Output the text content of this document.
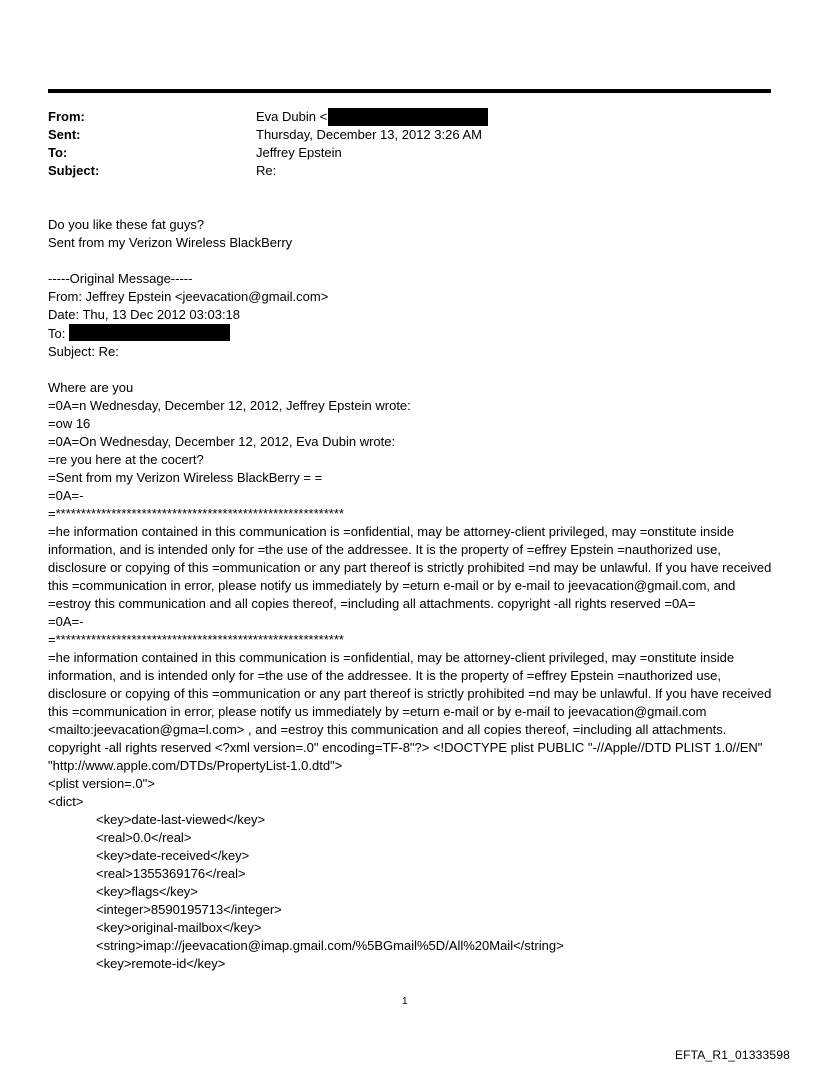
From:	Eva Dubin <
Sent:	Thursday, December 13, 2012 3:26 AM
To:	Jeffrey Epstein
Subject:	Re:

Do you like these fat guys?

Sent from my Verizon Wireless BlackBerry

-----Original Message-----

From: Jeffrey Epstein <jeevacation@gmail.com>

Date: Thu, 13 Dec 2012 03:03:18

To:

Subject: Re:

Where are you

=0A=n Wednesday, December 12, 2012, Jeffrey Epstein wrote:

=ow 16

=0A=On Wednesday, December 12, 2012, Eva Dubin wrote:

=re you here at the cocert?

=Sent from my Verizon Wireless BlackBerry = =

=0A=-

=*********************************************************

=he information contained in this communication is =onfidential, may be attorney-client privileged, may =onstitute inside information, and is intended only for =the use of the addressee. It is the property of =effrey Epstein =nauthorized use, disclosure or copying of this =ommunication or any part thereof is strictly prohibited =nd may be unlawful. If you have received this =communication in error, please notify us immediately by =eturn e-mail or by e-mail to jeevacation@gmail.com, and =estroy this communication and all copies thereof, =including all attachments. copyright -all rights reserved =0A=

=0A=-

=*********************************************************

=he information contained in this communication is =onfidential, may be attorney-client privileged, may =onstitute inside information, and is intended only for =the use of the addressee. It is the property of =effrey Epstein =nauthorized use, disclosure or copying of this =ommunication or any part thereof is strictly prohibited =nd may be unlawful. If you have received this =communication in error, please notify us immediately by =eturn e-mail or by e-mail to jeevacation@gmail.com <mailto:jeevacation@gma=l.com> , and =estroy this communication and all copies thereof, =including all attachments. copyright -all rights reserved <?xml version=.0" encoding=TF-8"?> <!DOCTYPE plist PUBLIC "-//Apple//DTD PLIST 1.0//EN" "http://www.apple.com/DTDs/PropertyList-1.0.dtd">

<plist version=.0">

<dict>

<key>date-last-viewed</key>

<real>0.0</real>

<key>date-received</key>

<real>1355369176</real>

<key>flags</key>

<integer>8590195713</integer>

<key>original-mailbox</key>

<string>imap://jeevacation@imap.gmail.com/%5BGmail%5D/All%20Mail</string>

<key>remote-id</key>

1
EFTA_R1_01333598
